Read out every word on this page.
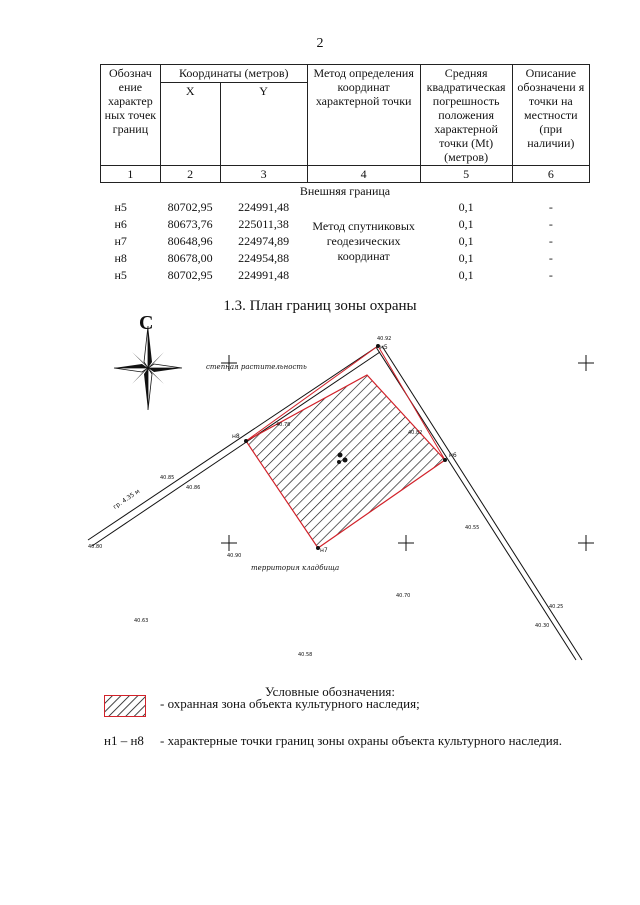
2
Обознач ение характер ных точек границ	Координаты (метров)		Метод определения координат характерной точки	Средняя квадратическая погрешность положения характерной точки (Mt) (метров)	Описание обозначени я точки на местности (при наличии)
	X	Y			
1	2	3	4	5	6
Внешняя граница					
н5	80702,95	224991,48	Метод спутниковых геодезических координат	0,1	-
н6	80673,76	225011,38		0,1	-
н7	80648,96	224974,89		0,1	-
н8	80678,00	224954,88		0,1	-
н5	80702,95	224991,48		0,1	-
1.3. План границ зоны охраны
С
степная растительность
территория кладбища
гр. 4.35 м
н5
н6
н7
н8
40.92
40.78
40.85
40.86
40.80
40.90
40.70
40.63
40.58
40.25
40.30
40.55
40.82
Условные обозначения:
- охранная зона объекта культурного наследия;
н1 – н8 - характерные точки границ зоны охраны объекта культурного наследия.
